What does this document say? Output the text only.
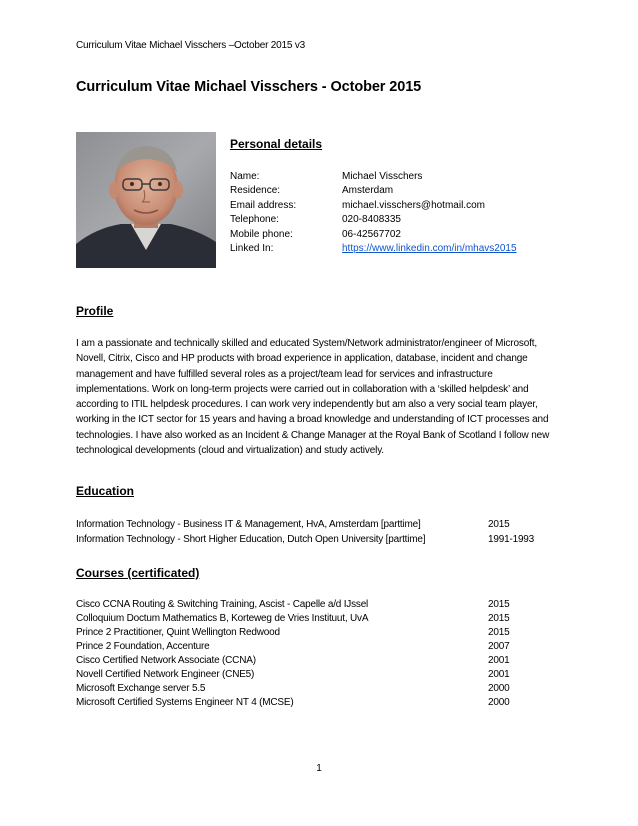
Curriculum Vitae Michael Visschers –October 2015 v3
Curriculum Vitae Michael Visschers - October 2015
Personal details
Name:	Michael Visschers
Residence:	Amsterdam
Email address:	michael.visschers@hotmail.com
Telephone:	020-8408335
Mobile phone:	06-42567702
Linked In:	https://www.linkedin.com/in/mhavs2015
Profile
I am a passionate and technically skilled and educated System/Network administrator/engineer of Microsoft, Novell, Citrix, Cisco and HP products with broad experience in application, database, incident and change management and have fulfilled several roles as a project/team lead for services and infrastructure implementations. Work on long-term projects were carried out in collaboration with a ‘skilled helpdesk’ and according to ITIL helpdesk procedures. I can work very independently but am also a very social team player, working in the ICT sector for 15 years and having a broad knowledge and understanding of ICT processes and technologies. I have also worked as an Incident & Change Manager at the Royal Bank of Scotland I follow new technological developments (cloud and virtualization) and study actively.
Education
Information Technology - Business IT & Management, HvA, Amsterdam [parttime]	2015
Information Technology - Short Higher Education, Dutch Open University [parttime]	1991-1993
Courses (certificated)
Cisco CCNA Routing & Switching Training, Ascist - Capelle a/d IJssel	2015
Colloquium Doctum Mathematics B, Korteweg de Vries Instituut, UvA	2015
Prince 2 Practitioner, Quint Wellington Redwood	2015
Prince 2 Foundation, Accenture	2007
Cisco Certified Network Associate (CCNA)	2001
Novell Certified Network Engineer (CNE5)	2001
Microsoft Exchange server 5.5	2000
Microsoft Certified Systems Engineer NT 4 (MCSE)	2000
1
